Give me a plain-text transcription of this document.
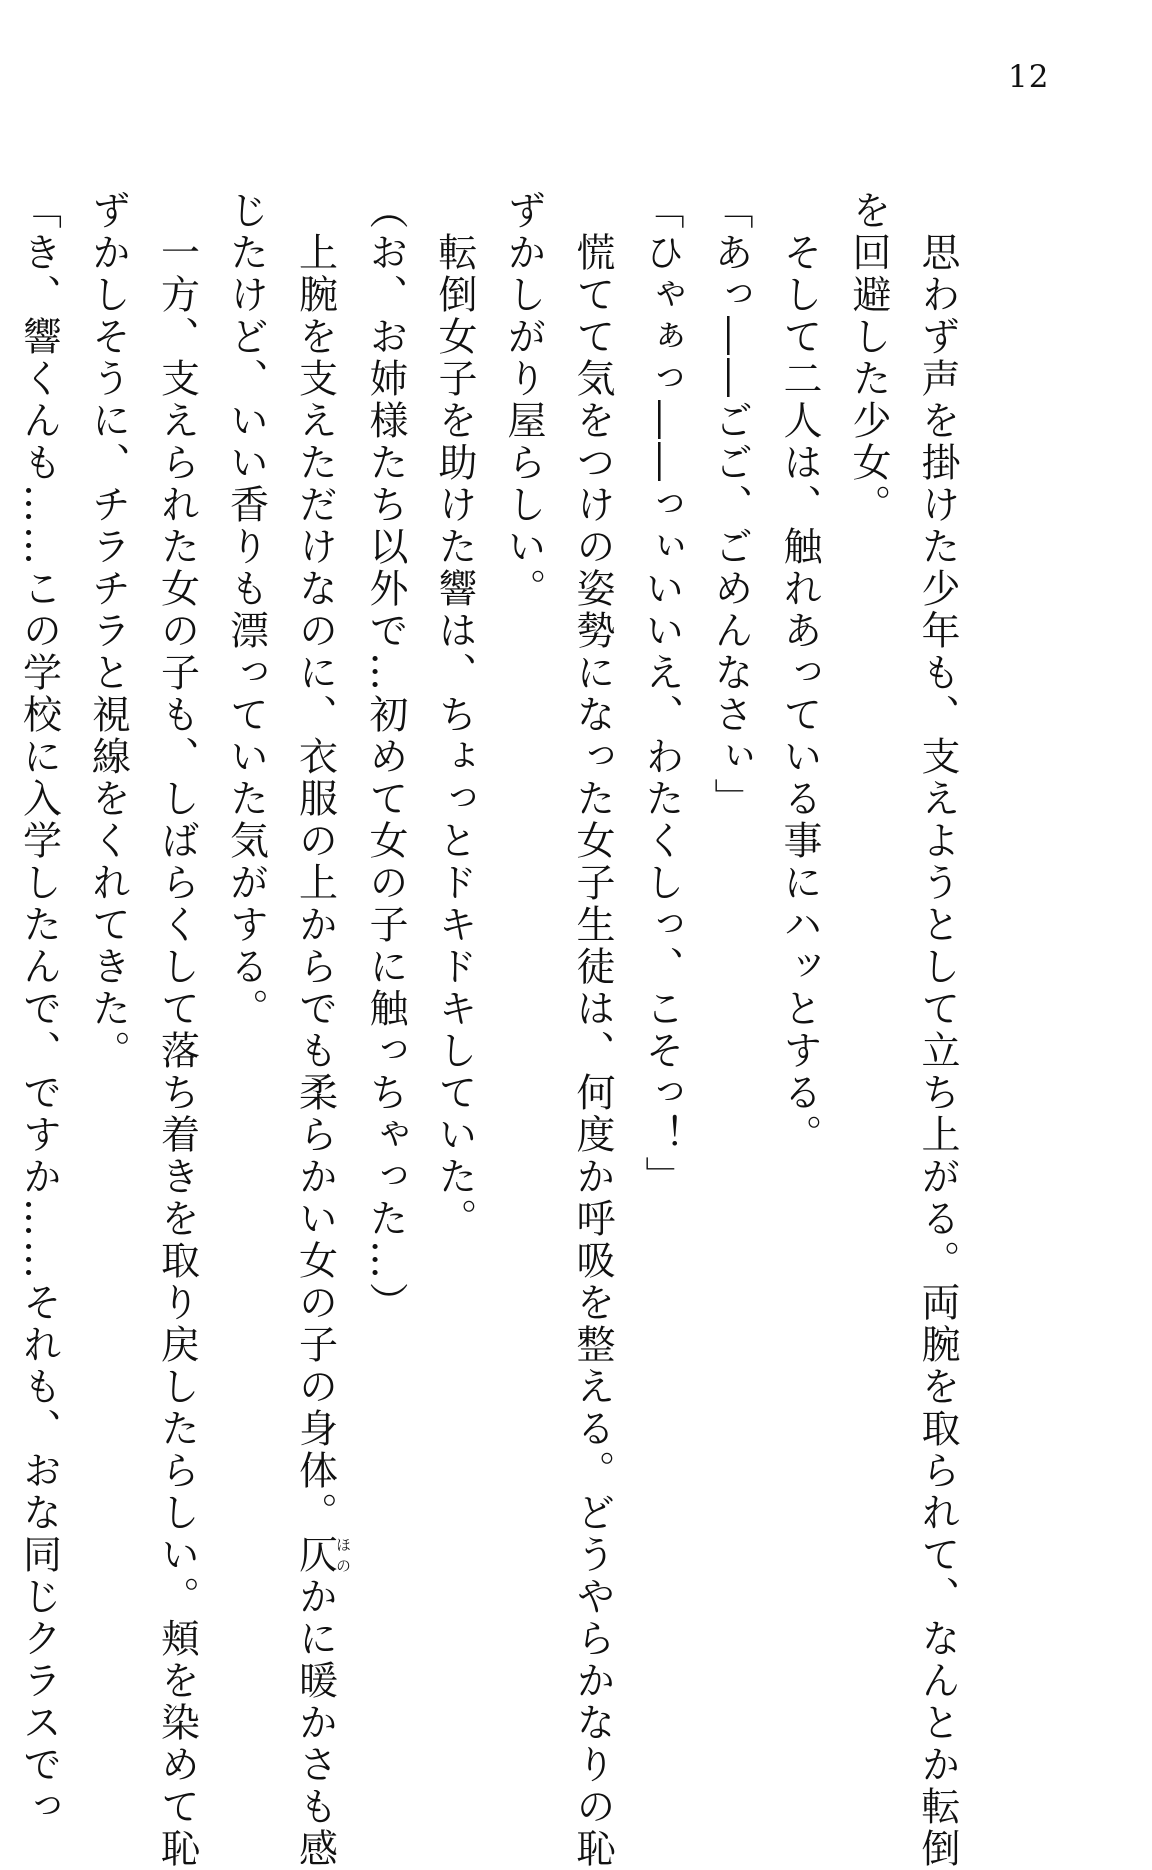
12
　思わず声を掛けた少年も、支えようとして立ち上がる。両腕を取られて、なんとか転倒
を回避した少女。
　そして二人は、触れあっている事にハッとする。
「あっ――ごご、ごめんなさぃ」
「ひゃぁっ――っぃいいえ、わたくしっ、こそっ！」
　慌てて気をつけの姿勢になった女子生徒は、何度か呼吸を整える。どうやらかなりの恥
ずかしがり屋らしい。
　転倒女子を助けた響は、ちょっとドキドキしていた。
（お、お姉様たち以外で…初めて女の子に触っちゃった…）
　上腕を支えただけなのに、衣服の上からでも柔らかい女の子の身体。仄ほのかに暖かさも感
じたけど、いい香りも漂っていた気がする。
　一方、支えられた女の子も、しばらくして落ち着きを取り戻したらしい。頬を染めて恥
ずかしそうに、チラチラと視線をくれてきた。
「き、響くんも……この学校に入学したんで、ですか……それも、おな同じクラスでっ
